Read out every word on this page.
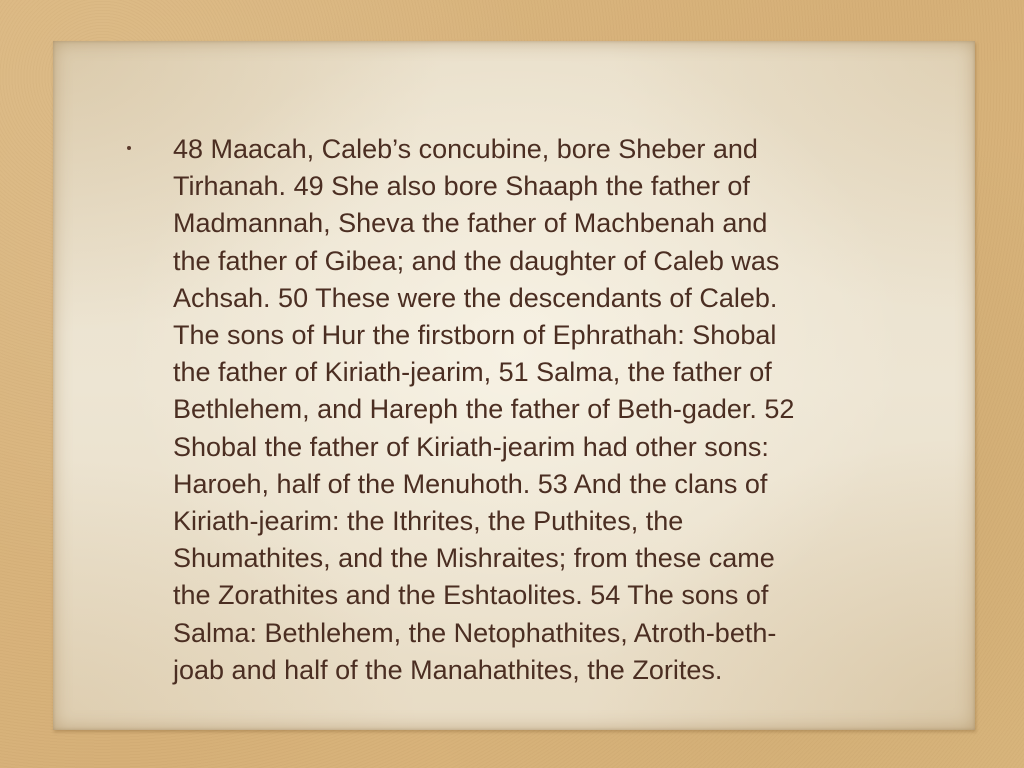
48 Maacah, Caleb’s concubine, bore Sheber and
Tirhanah. 49 She also bore Shaaph the father of
Madmannah, Sheva the father of Machbenah and
the father of Gibea; and the daughter of Caleb was
Achsah. 50 These were the descendants of Caleb.
The sons of Hur the firstborn of Ephrathah: Shobal
the father of Kiriath-jearim, 51 Salma, the father of
Bethlehem, and Hareph the father of Beth-gader. 52
Shobal the father of Kiriath-jearim had other sons:
Haroeh, half of the Menuhoth. 53 And the clans of
Kiriath-jearim: the Ithrites, the Puthites, the
Shumathites, and the Mishraites; from these came
the Zorathites and the Eshtaolites. 54 The sons of
Salma: Bethlehem, the Netophathites, Atroth-beth-
joab and half of the Manahathites, the Zorites.
